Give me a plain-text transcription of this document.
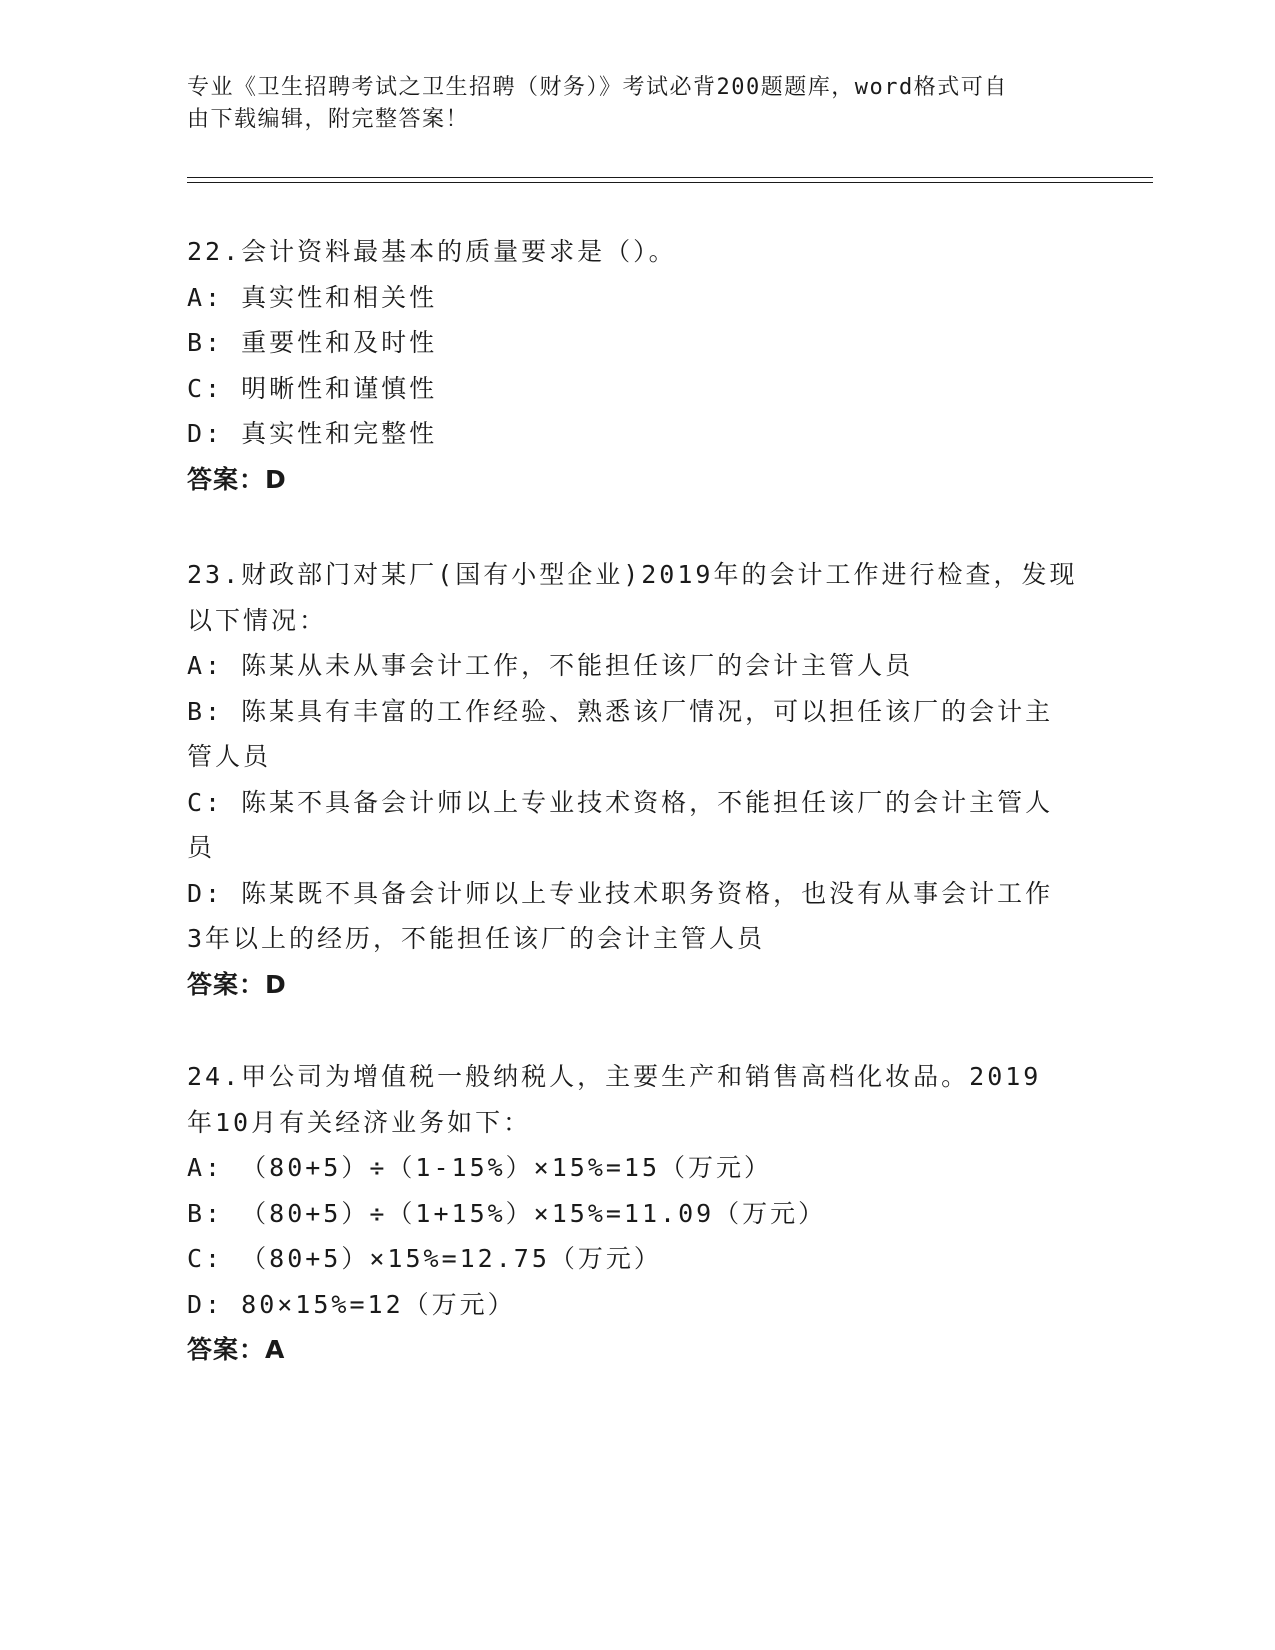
专业《卫生招聘考试之卫生招聘（财务）》考试必背200题题库，word格式可自
由下载编辑，附完整答案！
22.会计资料最基本的质量要求是（）。
A: 真实性和相关性
B: 重要性和及时性
C: 明晰性和谨慎性
D: 真实性和完整性
答案：D
23.财政部门对某厂(国有小型企业)2019年的会计工作进行检查，发现
以下情况：
A: 陈某从未从事会计工作，不能担任该厂的会计主管人员
B: 陈某具有丰富的工作经验、熟悉该厂情况，可以担任该厂的会计主
管人员
C: 陈某不具备会计师以上专业技术资格，不能担任该厂的会计主管人
员
D: 陈某既不具备会计师以上专业技术职务资格，也没有从事会计工作
3年以上的经历，不能担任该厂的会计主管人员
答案：D
24.甲公司为增值税一般纳税人，主要生产和销售高档化妆品。2019
年10月有关经济业务如下：
A: （80+5）÷（1-15%）×15%=15（万元）
B: （80+5）÷（1+15%）×15%=11.09（万元）
C: （80+5）×15%=12.75（万元）
D: 80×15%=12（万元）
答案：A
